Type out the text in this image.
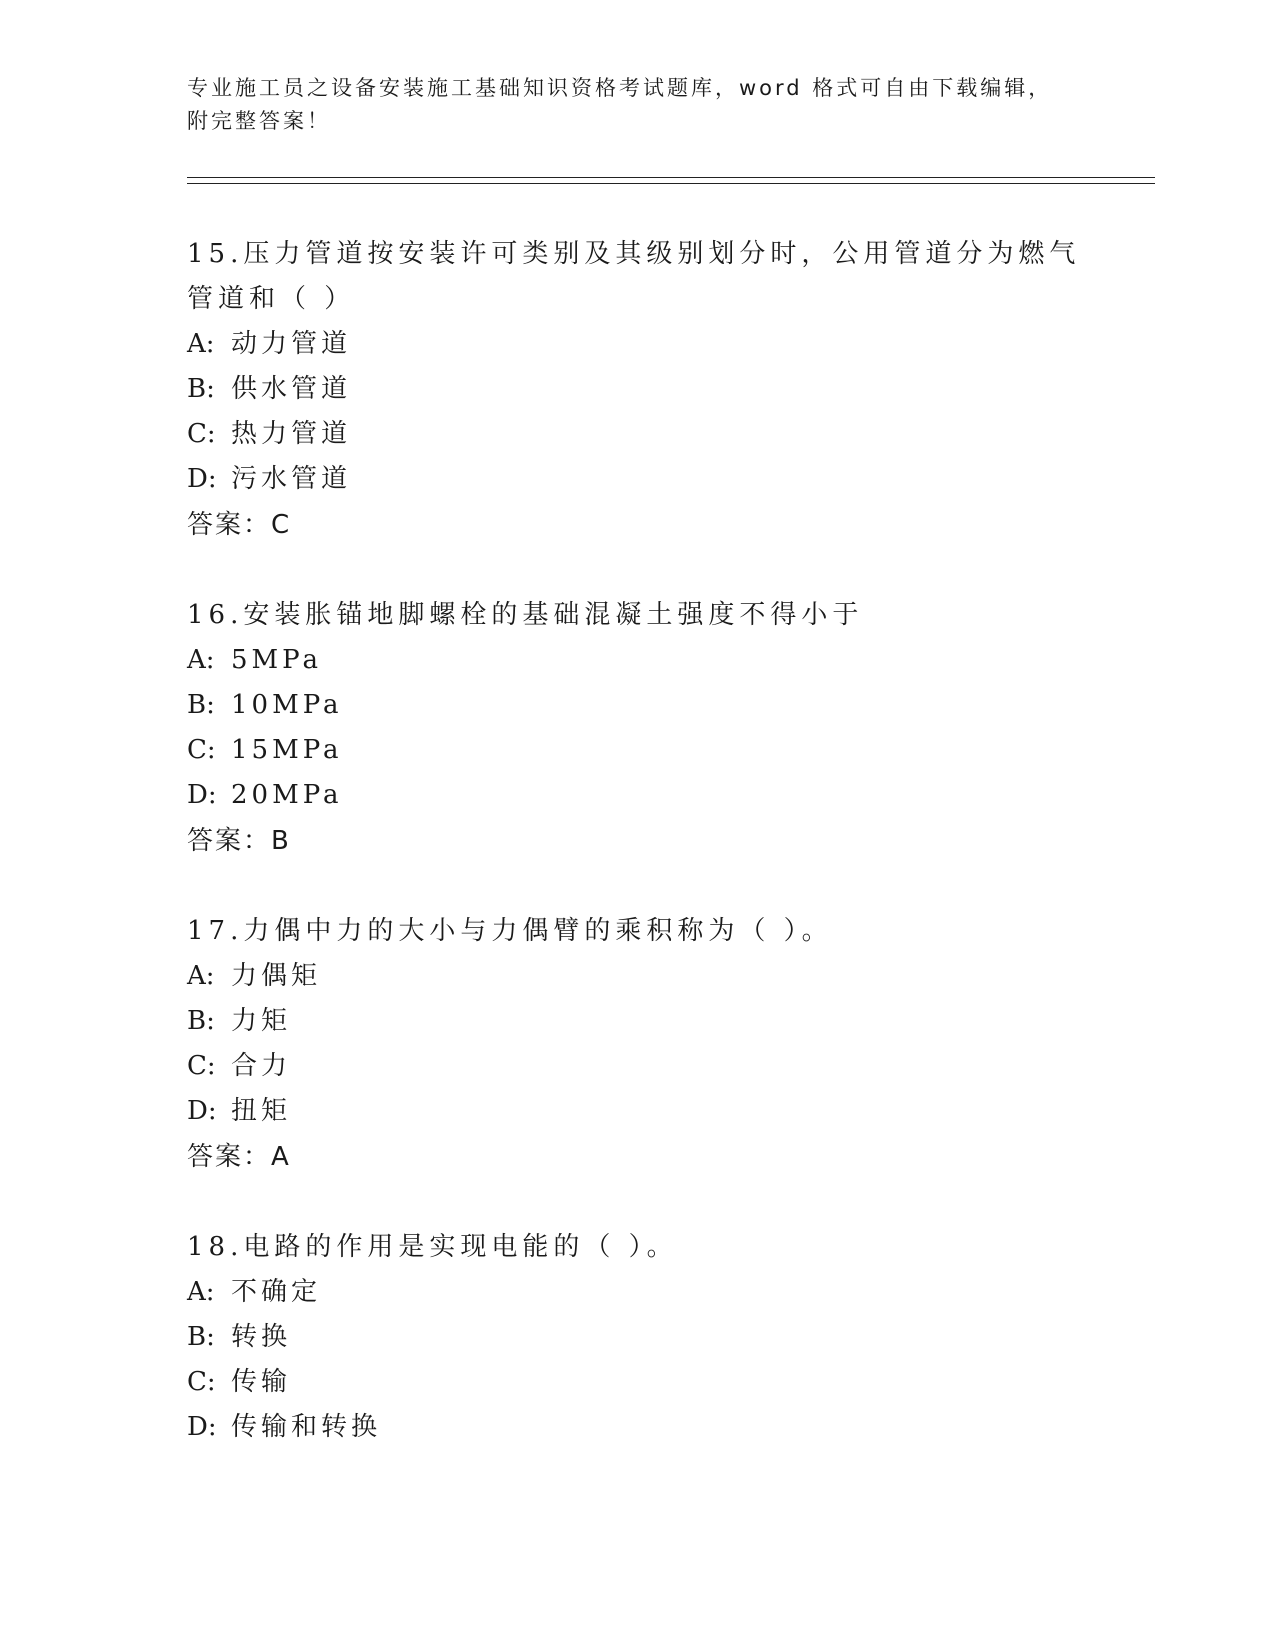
专业施工员之设备安装施工基础知识资格考试题库，word 格式可自由下载编辑，
附完整答案！

15.压力管道按安装许可类别及其级别划分时，公用管道分为燃气管道和（ ）

A: 动力管道

B: 供水管道

C: 热力管道

D: 污水管道

答案：C

16.安装胀锚地脚螺栓的基础混凝土强度不得小于

A: 5MPa

B: 10MPa

C: 15MPa

D: 20MPa

答案：B

17.力偶中力的大小与力偶臂的乘积称为（ ）。

A: 力偶矩

B: 力矩

C: 合力

D: 扭矩

答案：A

18.电路的作用是实现电能的（ ）。

A: 不确定

B: 转换

C: 传输

D: 传输和转换
